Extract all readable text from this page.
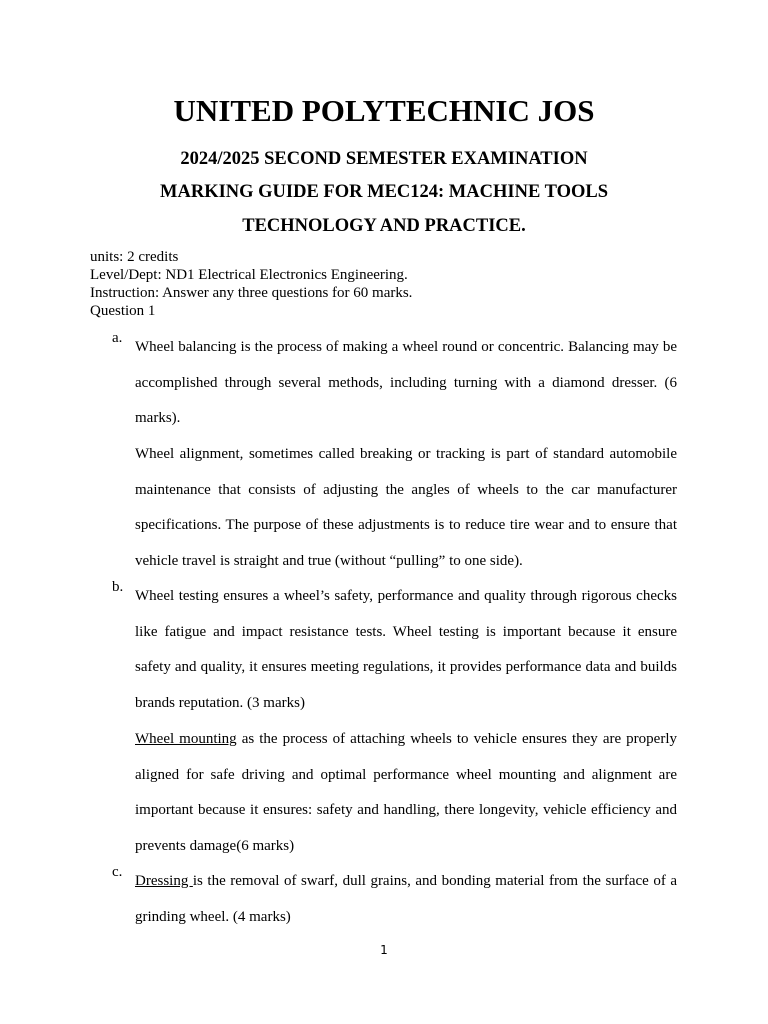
UNITED POLYTECHNIC JOS
2024/2025 SECOND SEMESTER EXAMINATION
MARKING GUIDE FOR MEC124: MACHINE TOOLS
TECHNOLOGY AND PRACTICE.
units: 2 credits
Level/Dept: ND1 Electrical Electronics Engineering.
Instruction: Answer any three questions for 60 marks.
Question 1
a.
Wheel balancing is the process of making a wheel round or concentric. Balancing may be accomplished through several methods, including turning with a diamond dresser. (6 marks).
Wheel alignment, sometimes called breaking or tracking is part of standard automobile maintenance that consists of adjusting the angles of wheels to the car manufacturer specifications. The purpose of these adjustments is to reduce tire wear and to ensure that vehicle travel is straight and true (without “pulling” to one side).
b.
Wheel testing ensures a wheel’s safety, performance and quality through rigorous checks like fatigue and impact resistance tests. Wheel testing is important because it ensure safety and quality, it ensures meeting regulations, it provides performance data and builds brands reputation. (3 marks)
Wheel mounting as the process of attaching wheels to vehicle ensures they are properly aligned for safe driving and optimal performance wheel mounting and alignment are important because it ensures: safety and handling, there longevity, vehicle efficiency and prevents damage(6 marks)
c.
Dressing is the removal of swarf, dull grains, and bonding material from the surface of a grinding wheel. (4 marks)
1
